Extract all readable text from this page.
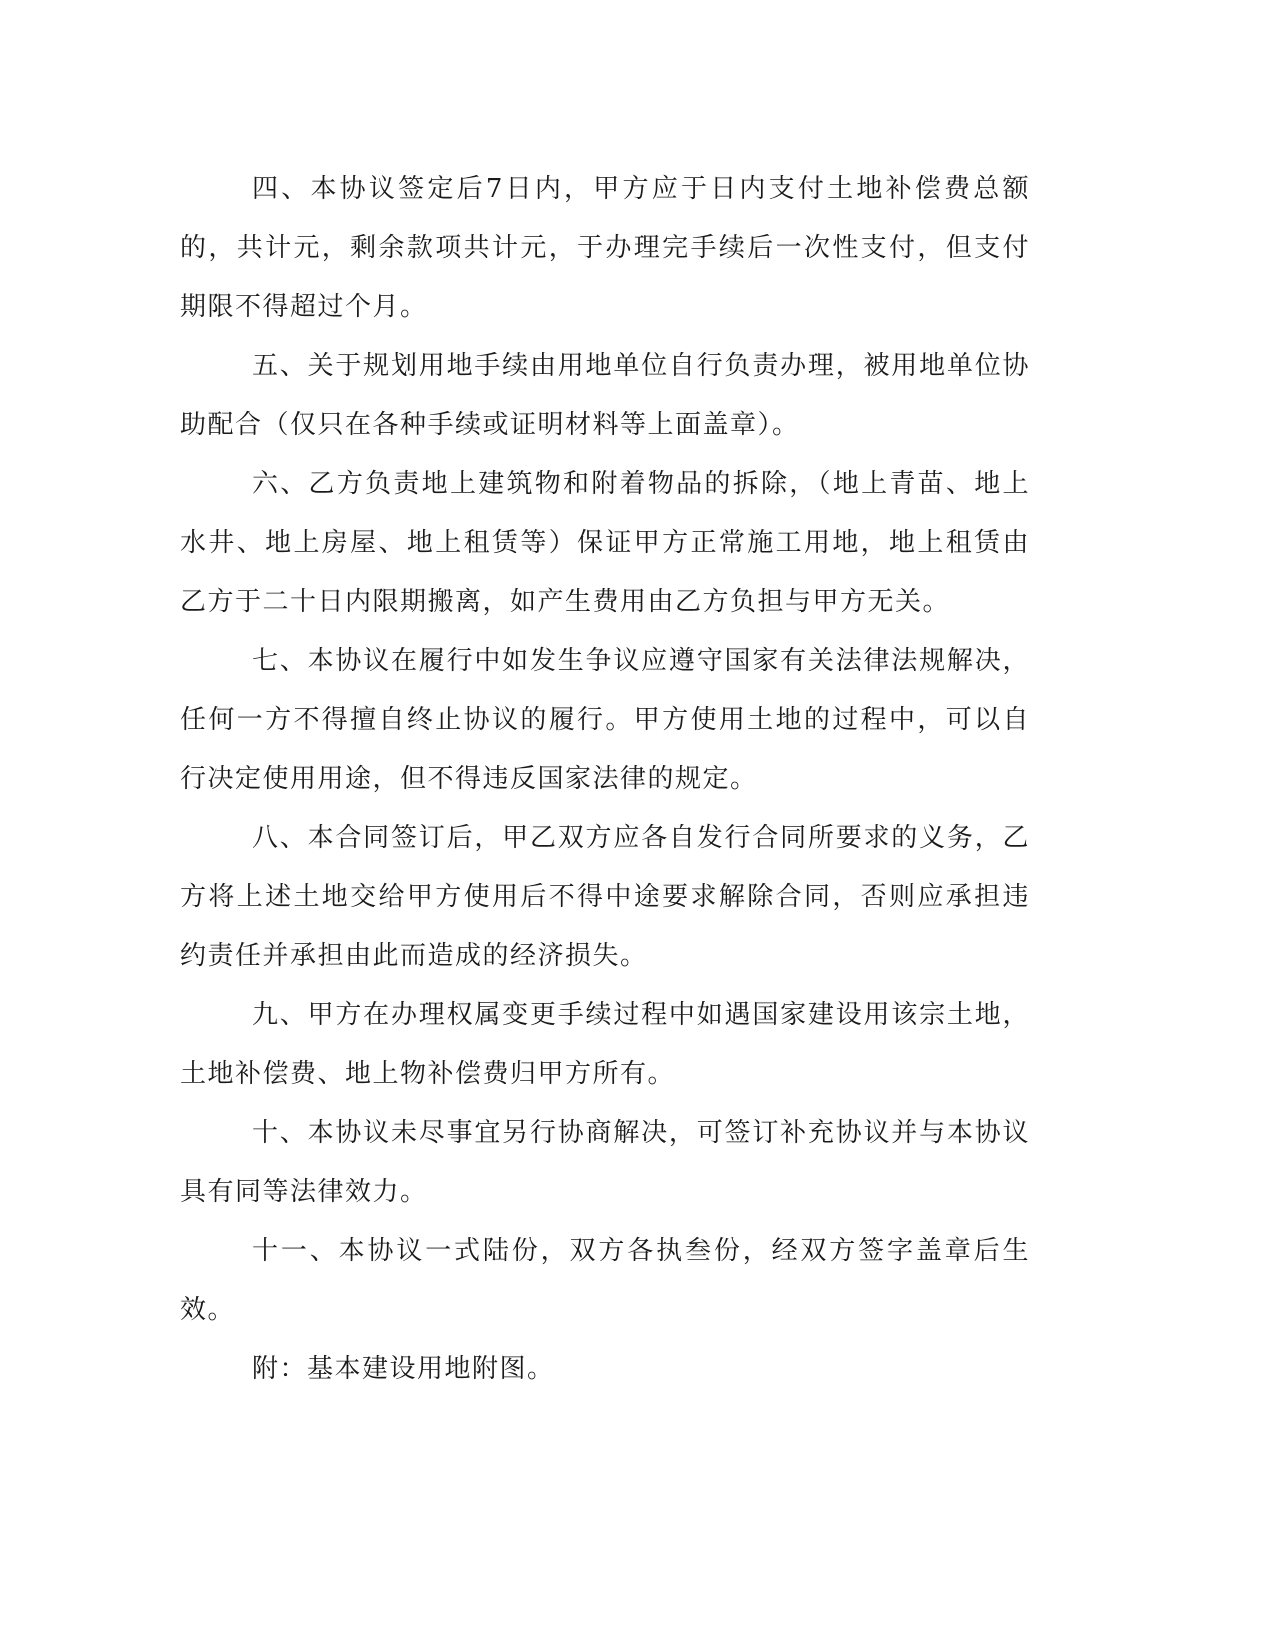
四、本协议签定后7日内，甲方应于日内支付土地补偿费总额的，共计元，剩余款项共计元，于办理完手续后一次性支付，但支付期限不得超过个月。

五、关于规划用地手续由用地单位自行负责办理，被用地单位协助配合（仅只在各种手续或证明材料等上面盖章）。

六、乙方负责地上建筑物和附着物品的拆除，（地上青苗、地上水井、地上房屋、地上租赁等）保证甲方正常施工用地，地上租赁由乙方于二十日内限期搬离，如产生费用由乙方负担与甲方无关。

七、本协议在履行中如发生争议应遵守国家有关法律法规解决，任何一方不得擅自终止协议的履行。甲方使用土地的过程中，可以自行决定使用用途，但不得违反国家法律的规定。

八、本合同签订后，甲乙双方应各自发行合同所要求的义务，乙方将上述土地交给甲方使用后不得中途要求解除合同，否则应承担违约责任并承担由此而造成的经济损失。

九、甲方在办理权属变更手续过程中如遇国家建设用该宗土地，土地补偿费、地上物补偿费归甲方所有。

十、本协议未尽事宜另行协商解决，可签订补充协议并与本协议具有同等法律效力。

十一、本协议一式陆份，双方各执叁份，经双方签字盖章后生效。

附：基本建设用地附图。
